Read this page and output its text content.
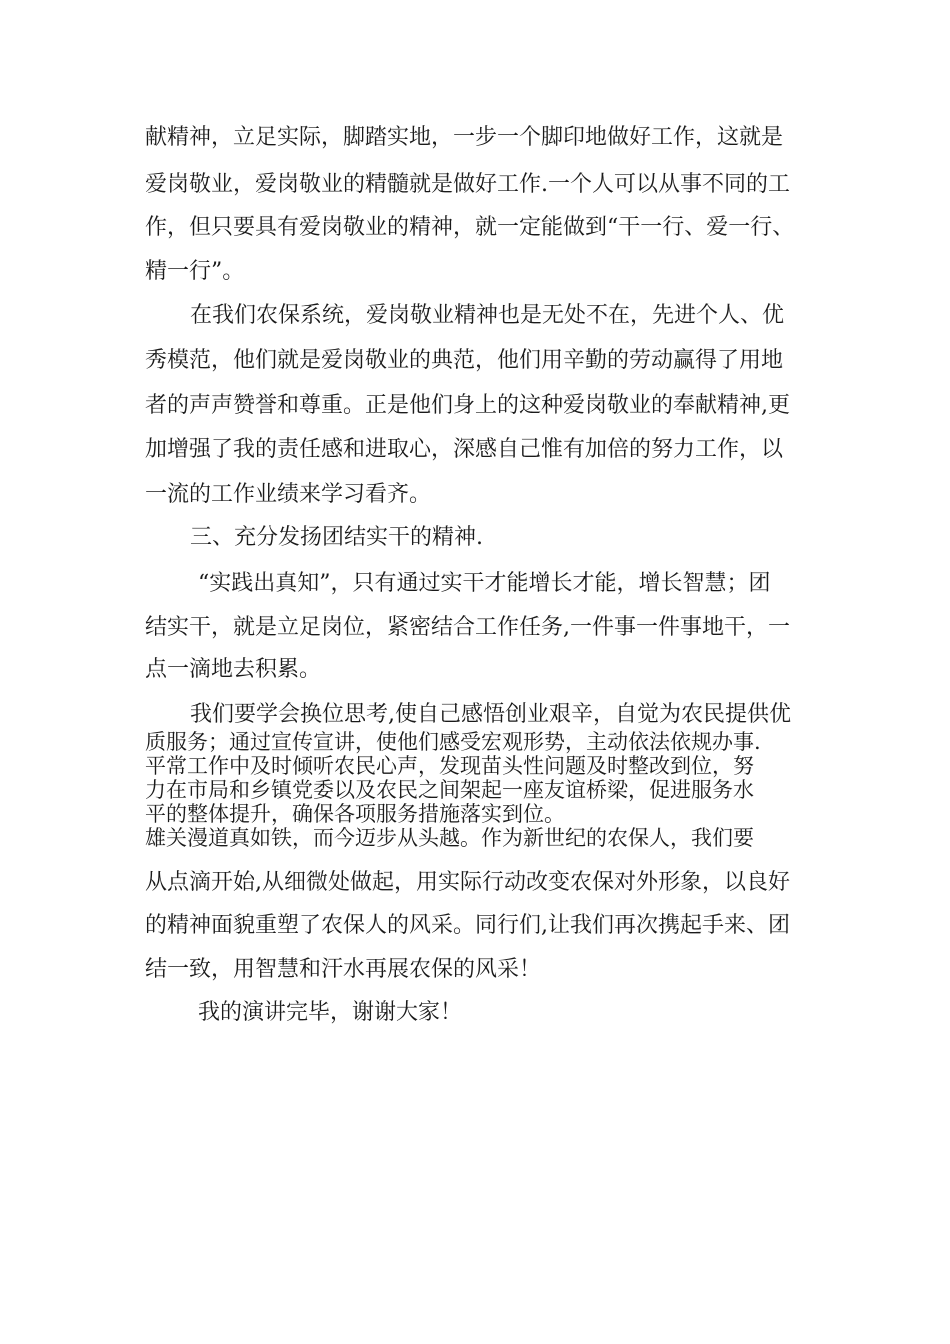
献精神，立足实际，脚踏实地，一步一个脚印地做好工作，这就是
爱岗敬业，爱岗敬业的精髓就是做好工作.一个人可以从事不同的工
作，但只要具有爱岗敬业的精神，就一定能做到“干一行、爱一行、
精一行”。
在我们农保系统，爱岗敬业精神也是无处不在，先进个人、优
秀模范，他们就是爱岗敬业的典范，他们用辛勤的劳动赢得了用地
者的声声赞誉和尊重。正是他们身上的这种爱岗敬业的奉献精神,更
加增强了我的责任感和进取心，深感自己惟有加倍的努力工作，以
一流的工作业绩来学习看齐。
三、充分发扬团结实干的精神.
“实践出真知”，只有通过实干才能增长才能，增长智慧；团
结实干，就是立足岗位，紧密结合工作任务,一件事一件事地干，一
点一滴地去积累。
我们要学会换位思考,使自己感悟创业艰辛，自觉为农民提供优
质服务；通过宣传宣讲，使他们感受宏观形势，主动依法依规办事.
平常工作中及时倾听农民心声，发现苗头性问题及时整改到位，努
力在市局和乡镇党委以及农民之间架起一座友谊桥梁，促进服务水
平的整体提升，确保各项服务措施落实到位。
雄关漫道真如铁，而今迈步从头越。作为新世纪的农保人，我们要
从点滴开始,从细微处做起，用实际行动改变农保对外形象，以良好
的精神面貌重塑了农保人的风采。同行们,让我们再次携起手来、团
结一致，用智慧和汗水再展农保的风采！
我的演讲完毕，谢谢大家！
